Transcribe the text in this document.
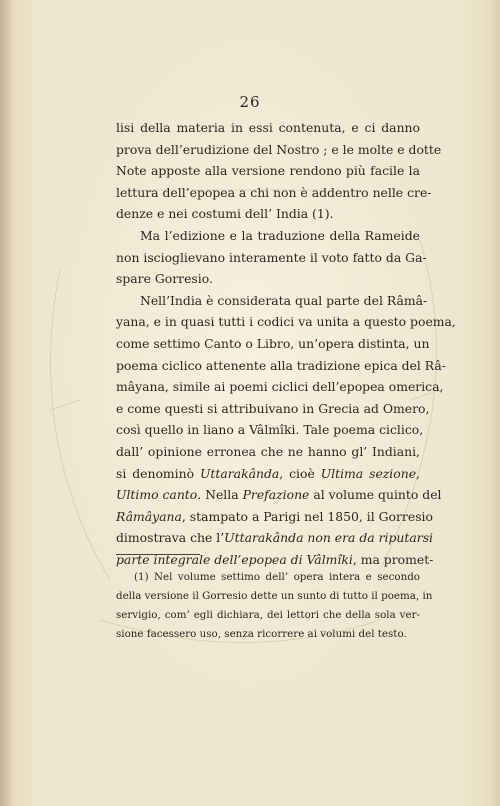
26
lisi della materia in essi contenuta, e ci danno
prova dell’erudizione del Nostro ; e le molte e dotte
Note apposte alla versione rendono più facile la
lettura dell’epopea a chi non è addentro nelle cre-
denze e nei costumi dell’ India (1).
Ma l’edizione e la traduzione della Rameide
non iscioglievano interamente il voto fatto da Ga-
spare Gorresio.
Nell’India è considerata qual parte del Râmâ-
yana, e in quasi tutti i codici va unita a questo poema,
come settimo Canto o Libro, un’opera distinta, un
poema ciclico attenente alla tradizione epica del Râ-
mâyana, simile ai poemi ciclici dell’epopea omerica,
e come questi si attribuivano in Grecia ad Omero,
così quello in liano a Vâlmîki. Tale poema ciclico,
dall’ opinione erronea che ne hanno gl’ Indiani,
si denominò Uttarakânda, cioè Ultima sezione,
Ultimo canto. Nella Prefazione al volume quinto del
Râmâyana, stampato a Parigi nel 1850, il Gorresio
dimostrava che l’Uttarakânda non era da riputarsi
parte integrale dell’epopea di Vâlmîki, ma promet-
(1) Nel volume settimo dell’ opera intera e secondo
della versione il Gorresio dette un sunto di tutto il poema, in
servigio, com’ egli dichiara, dei lettori che della sola ver-
sione facessero uso, senza ricorrere ai volumi del testo.
